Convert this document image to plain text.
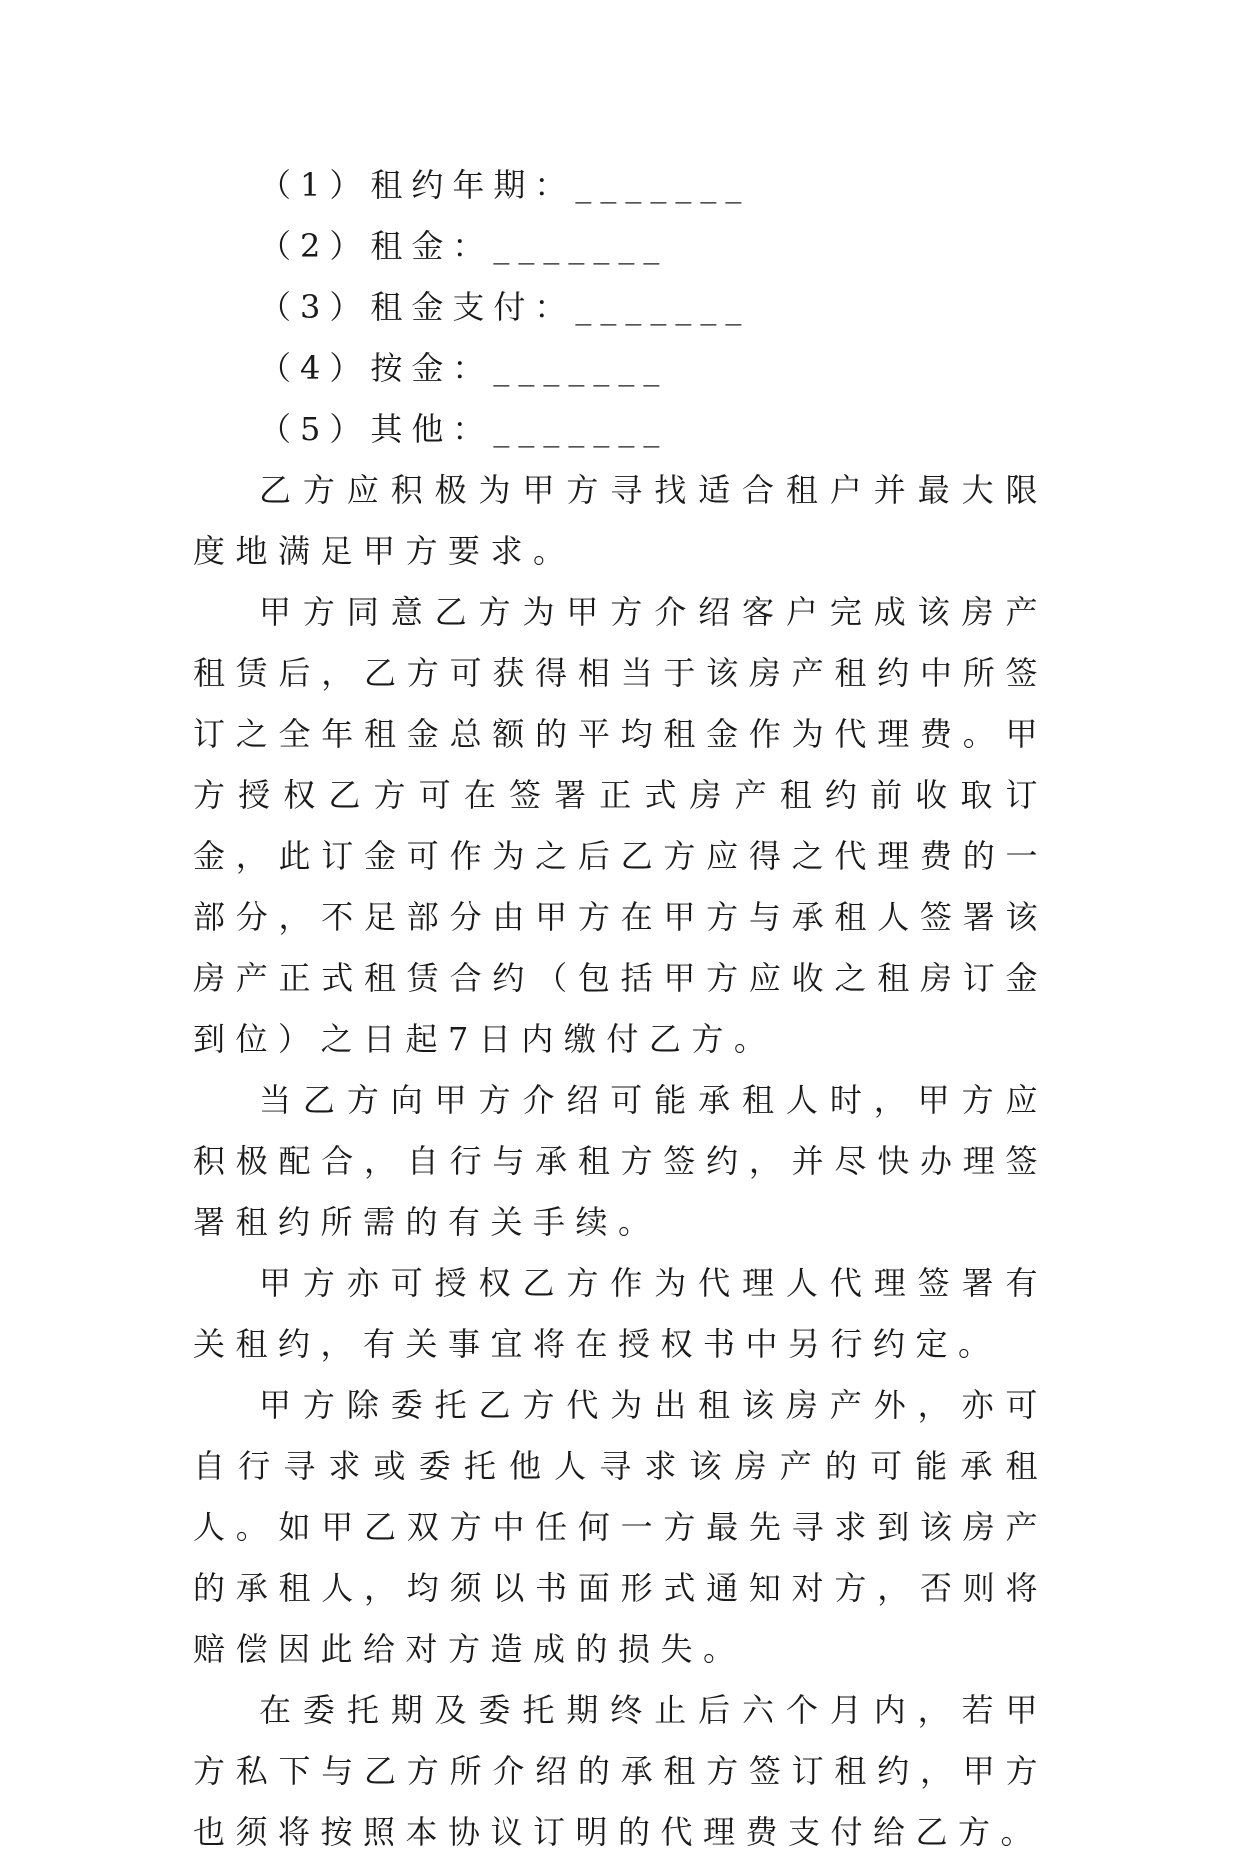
（1）租约年期：_______
（2）租金：_______
（3）租金支付：_______
（4）按金：_______
（5）其他：_______

乙方应积极为甲方寻找适合租户并最大限度地满足甲方要求。

甲方同意乙方为甲方介绍客户完成该房产租赁后，乙方可获得相当于该房产租约中所签订之全年租金总额的平均租金作为代理费。甲方授权乙方可在签署正式房产租约前收取订金，此订金可作为之后乙方应得之代理费的一部分，不足部分由甲方在甲方与承租人签署该房产正式租赁合约（包括甲方应收之租房订金到位）之日起7日内缴付乙方。

当乙方向甲方介绍可能承租人时，甲方应积极配合，自行与承租方签约，并尽快办理签署租约所需的有关手续。

甲方亦可授权乙方作为代理人代理签署有关租约，有关事宜将在授权书中另行约定。

甲方除委托乙方代为出租该房产外，亦可自行寻求或委托他人寻求该房产的可能承租人。如甲乙双方中任何一方最先寻求到该房产的承租人，均须以书面形式通知对方，否则将赔偿因此给对方造成的损失。

在委托期及委托期终止后六个月内，若甲方私下与乙方所介绍的承租方签订租约，甲方也须将按照本协议订明的代理费支付给乙方。
